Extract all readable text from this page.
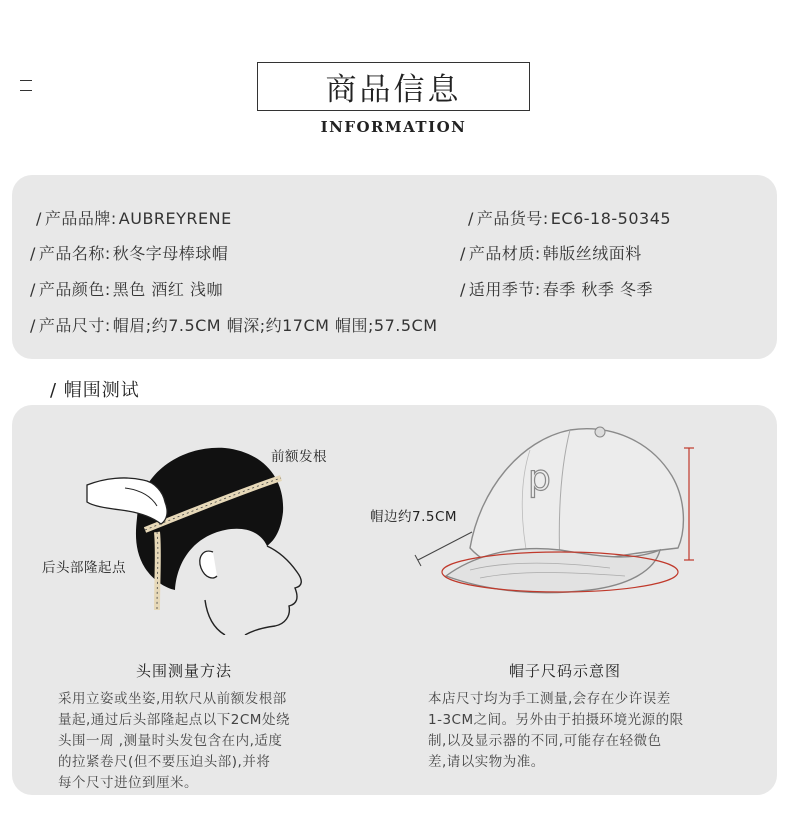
商品信息
INFORMATION
/ 产品品牌: AUBREYRENE	/ 产品货号: EC6-18-50345
/ 产品名称: 秋冬字母棒球帽	/ 产品材质: 韩版丝绒面料
/ 产品颜色: 黑色 酒红 浅咖	/ 适用季节: 春季 秋季 冬季
/ 产品尺寸: 帽眉;约7.5CM 帽深;约17CM 帽围;57.5CM
/ 帽围测试
前额发根
后头部隆起点
p
帽边约7.5CM
头围测量方法	帽子尺码示意图
采用立姿或坐姿,用软尺从前额发根部
量起,通过后头部隆起点以下2CM处绕
头围一周 ,测量时头发包含在内,适度
的拉紧卷尺(但不要压迫头部),并将
每个尺寸进位到厘米。
本店尺寸均为手工测量,会存在少许误差
1-3CM之间。另外由于拍摄环境光源的限
制,以及显示器的不同,可能存在轻微色
差,请以实物为准。
